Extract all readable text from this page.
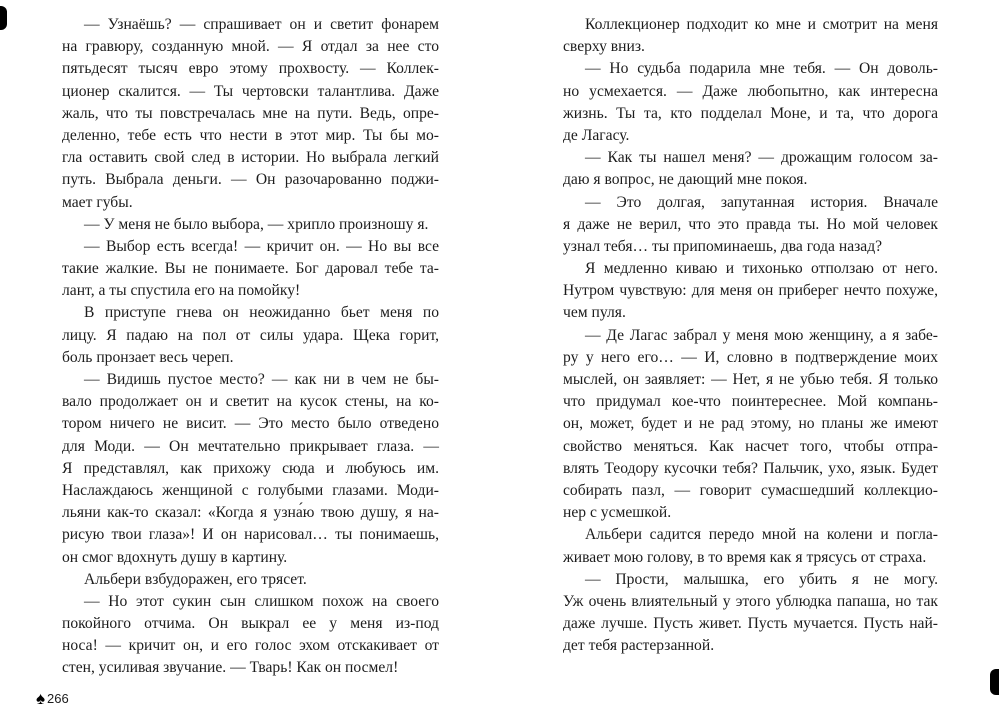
— Узнаёшь? — спрашивает он и светит фонарем
на гравюру, созданную мной. — Я отдал за нее сто
пятьдесят тысяч евро этому прохвосту. — Коллек-
ционер скалится. — Ты чертовски талантлива. Даже
жаль, что ты повстречалась мне на пути. Ведь, опре-
деленно, тебе есть что нести в этот мир. Ты бы мо-
гла оставить свой след в истории. Но выбрала легкий
путь. Выбрала деньги. — Он разочарованно поджи-
мает губы.
— У меня не было выбора, — хрипло произношу я.
— Выбор есть всегда! — кричит он. — Но вы все
такие жалкие. Вы не понимаете. Бог даровал тебе та-
лант, а ты спустила его на помойку!
В приступе гнева он неожиданно бьет меня по
лицу. Я падаю на пол от силы удара. Щека горит,
боль пронзает весь череп.
— Видишь пустое место? — как ни в чем не бы-
вало продолжает он и светит на кусок стены, на ко-
тором ничего не висит. — Это место было отведено
для Моди. — Он мечтательно прикрывает глаза. —
Я представлял, как прихожу сюда и любуюсь им.
Наслаждаюсь женщиной с голубыми глазами. Моди-
льяни как-то сказал: «Когда я узна́ю твою душу, я на-
рисую твои глаза»! И он нарисовал… ты понимаешь,
он смог вдохнуть душу в картину.
Альбери взбудоражен, его трясет.
— Но этот сукин сын слишком похож на своего
покойного отчима. Он выкрал ее у меня из-под
носа! — кричит он, и его голос эхом отскакивает от
стен, усиливая звучание. — Тварь! Как он посмел!
Коллекционер подходит ко мне и смотрит на меня
сверху вниз.
— Но судьба подарила мне тебя. — Он доволь-
но усмехается. — Даже любопытно, как интересна
жизнь. Ты та, кто подделал Моне, и та, что дорога
де Лагасу.
— Как ты нашел меня? — дрожащим голосом за-
даю я вопрос, не дающий мне покоя.
— Это долгая, запутанная история. Вначале
я даже не верил, что это правда ты. Но мой человек
узнал тебя… ты припоминаешь, два года назад?
Я медленно киваю и тихонько отползаю от него.
Нутром чувствую: для меня он приберег нечто похуже,
чем пуля.
— Де Лагас забрал у меня мою женщину, а я забе-
ру у него его… — И, словно в подтверждение моих
мыслей, он заявляет: — Нет, я не убью тебя. Я только
что придумал кое-что поинтереснее. Мой компань-
он, может, будет и не рад этому, но планы же имеют
свойство меняться. Как насчет того, чтобы отпра-
влять Теодору кусочки тебя? Пальчик, ухо, язык. Будет
собирать пазл, — говорит сумасшедший коллекцио-
нер с усмешкой.
Альбери садится передо мной на колени и погла-
живает мою голову, в то время как я трясусь от страха.
— Прости, малышка, его убить я не могу.
Уж очень влиятельный у этого ублюдка папаша, но так
даже лучше. Пусть живет. Пусть мучается. Пусть най-
дет тебя растерзанной.
♠ 266
